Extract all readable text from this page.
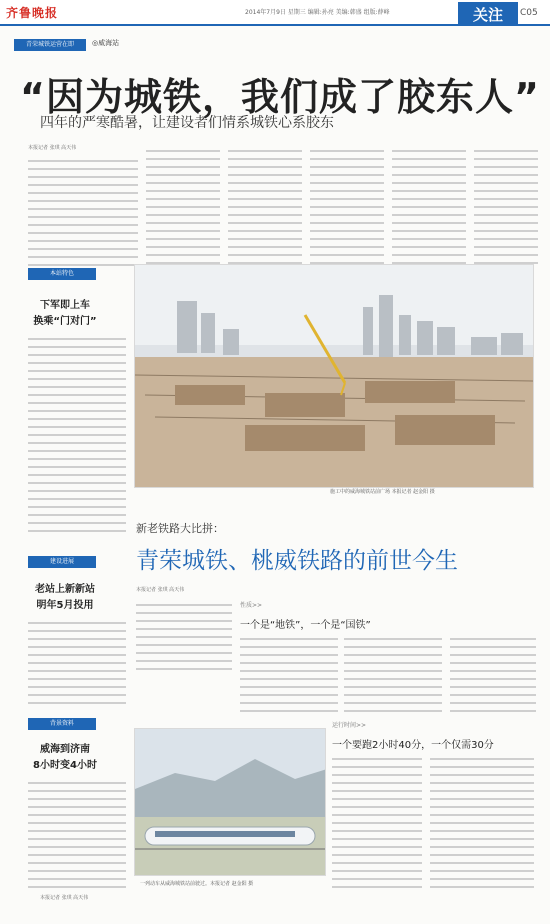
齐鲁晚报	2014年7月9日 星期三 编辑:孙亮 美编:韩盛 组版:薛峰	关注 C05
青荣城铁运营在即	◎威海站
“因为城铁，我们成了胶东人”
四年的严寒酷暑，让建设者们情系城铁心系胶东
本报记者 张琪 高天伟
本站特色
下军即上车
换乘“门对门”
施工中的威海城铁站前广场 本报记者 赵金阳 摄
新老铁路大比拼：
青荣城铁、桃威铁路的前世今生
建设进展
老站上新新站
明年5月投用
本报记者 张琪 高天伟
性质>>
一个是“地铁”，一个是“国铁”
背景资料
威海到济南
8小时变4小时
本报记者 张琪 高天伟
运行时间>>
一个要跑2小时40分，一个仅需30分
一列动车从威海城铁站前驶过。本报记者 赵金阳 摄
